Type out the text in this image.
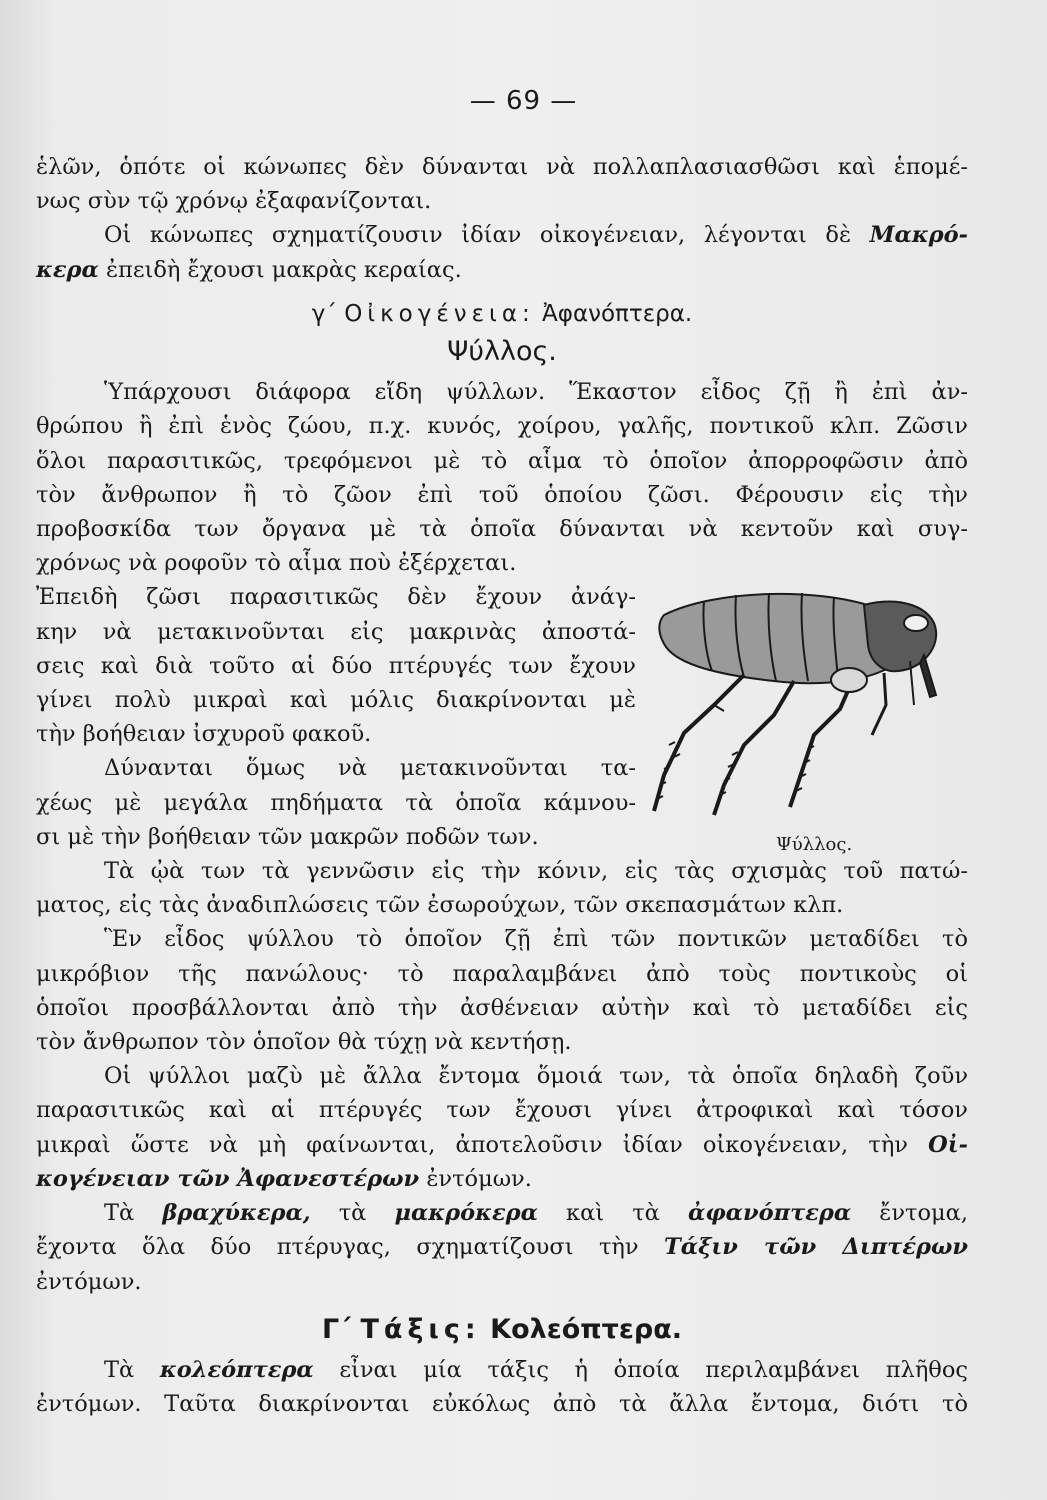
— 69 —
ἑλῶν, ὁπότε οἱ κώνωπες δὲν δύνανται νὰ πολλαπλασιασθῶσι καὶ ἑπομέ-
νως σὺν τῷ χρόνῳ ἐξαφανίζονται.
Οἱ κώνωπες σχηματίζουσιν ἰδίαν οἰκογένειαν, λέγονται δὲ Μακρό-
κερα ἐπειδὴ ἔχουσι μακρὰς κεραίας.
γ΄ Οἰκογένεια: Ἀφανόπτερα.
Ψύλλος.
Ὑπάρχουσι διάφορα εἴδη ψύλλων. Ἕκαστον εἶδος ζῇ ἢ ἐπὶ ἀν-
θρώπου ἢ ἐπὶ ἑνὸς ζώου, π.χ. κυνός, χοίρου, γαλῆς, ποντικοῦ κλπ. Ζῶσιν
ὅλοι παρασιτικῶς, τρεφόμενοι μὲ τὸ αἷμα τὸ ὁποῖον ἀπορροφῶσιν ἀπὸ
τὸν ἄνθρωπον ἢ τὸ ζῶον ἐπὶ τοῦ ὁποίου ζῶσι. Φέρουσιν εἰς τὴν
προβοσκίδα των ὄργανα μὲ τὰ ὁποῖα δύνανται νὰ κεντοῦν καὶ συγ-
χρόνως νὰ ροφοῦν τὸ αἷμα ποὺ ἐξέρχεται.
Ἐπειδὴ ζῶσι παρασιτικῶς δὲν ἔχουν ἀνάγ-
κην νὰ μετακινοῦνται εἰς μακρινὰς ἀποστά-
σεις καὶ διὰ τοῦτο αἱ δύο πτέρυγές των ἔχουν
γίνει πολὺ μικραὶ καὶ μόλις διακρίνονται μὲ
τὴν βοήθειαν ἰσχυροῦ φακοῦ.
Δύνανται ὅμως νὰ μετακινοῦνται τα-
χέως μὲ μεγάλα πηδήματα τὰ ὁποῖα κάμνου-
σι μὲ τὴν βοήθειαν τῶν μακρῶν ποδῶν των.
Τὰ ᾠὰ των τὰ γεννῶσιν εἰς τὴν κόνιν, εἰς τὰς σχισμὰς τοῦ πατώ-
ματος, εἰς τὰς ἀναδιπλώσεις τῶν ἐσωρούχων, τῶν σκεπασμάτων κλπ.
Ἓν εἶδος ψύλλου τὸ ὁποῖον ζῇ ἐπὶ τῶν ποντικῶν μεταδίδει τὸ
μικρόβιον τῆς πανώλους· τὸ παραλαμβάνει ἀπὸ τοὺς ποντικοὺς οἱ
ὁποῖοι προσβάλλονται ἀπὸ τὴν ἀσθένειαν αὐτὴν καὶ τὸ μεταδίδει εἰς
τὸν ἄνθρωπον τὸν ὁποῖον θὰ τύχῃ νὰ κεντήσῃ.
Οἱ ψύλλοι μαζὺ μὲ ἄλλα ἔντομα ὅμοιά των, τὰ ὁποῖα δηλαδὴ ζοῦν
παρασιτικῶς καὶ αἱ πτέρυγές των ἔχουσι γίνει ἀτροφικαὶ καὶ τόσον
μικραὶ ὥστε νὰ μὴ φαίνωνται, ἀποτελοῦσιν ἰδίαν οἰκογένειαν, τὴν Οἰ-
κογένειαν τῶν Ἀφανεστέρων ἐντόμων.
Τὰ βραχύκερα, τὰ μακρόκερα καὶ τὰ ἀφανόπτερα ἔντομα,
ἔχοντα ὅλα δύο πτέρυγας, σχηματίζουσι τὴν Τάξιν τῶν Διπτέρων
ἐντόμων.
Γ΄ Τάξις: Κολεόπτερα.
Τὰ κολεόπτερα εἶναι μία τάξις ἡ ὁποία περιλαμβάνει πλῆθος
ἐντόμων. Ταῦτα διακρίνονται εὐκόλως ἀπὸ τὰ ἄλλα ἔντομα, διότι τὸ
Ψύλλος.
